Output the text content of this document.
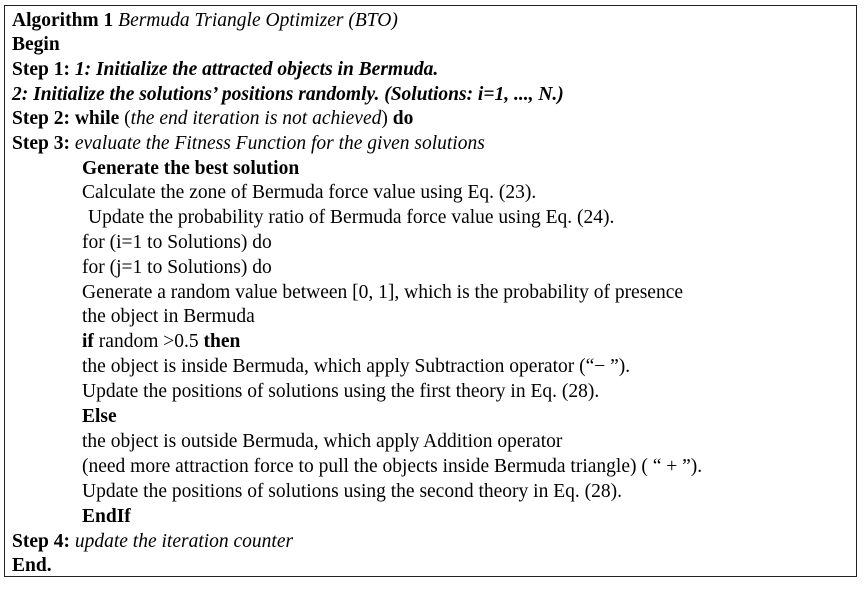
Algorithm 1 Bermuda Triangle Optimizer (BTO)
Begin
Step 1: 1: Initialize the attracted objects in Bermuda.
2: Initialize the solutions’ positions randomly. (Solutions: i=1, ..., N.)
Step 2: while (the end iteration is not achieved) do
Step 3: evaluate the Fitness Function for the given solutions
Generate the best solution
Calculate the zone of Bermuda force value using Eq. (23).
Update the probability ratio of Bermuda force value using Eq. (24).
for (i=1 to Solutions) do
for (j=1 to Solutions) do
Generate a random value between [0, 1], which is the probability of presence
the object in Bermuda
if random >0.5 then
the object is inside Bermuda, which apply Subtraction operator (“− ”).
Update the positions of solutions using the first theory in Eq. (28).
Else
the object is outside Bermuda, which apply Addition operator
(need more attraction force to pull the objects inside Bermuda triangle) ( “ + ”).
Update the positions of solutions using the second theory in Eq. (28).
EndIf
Step 4: update the iteration counter
End.
